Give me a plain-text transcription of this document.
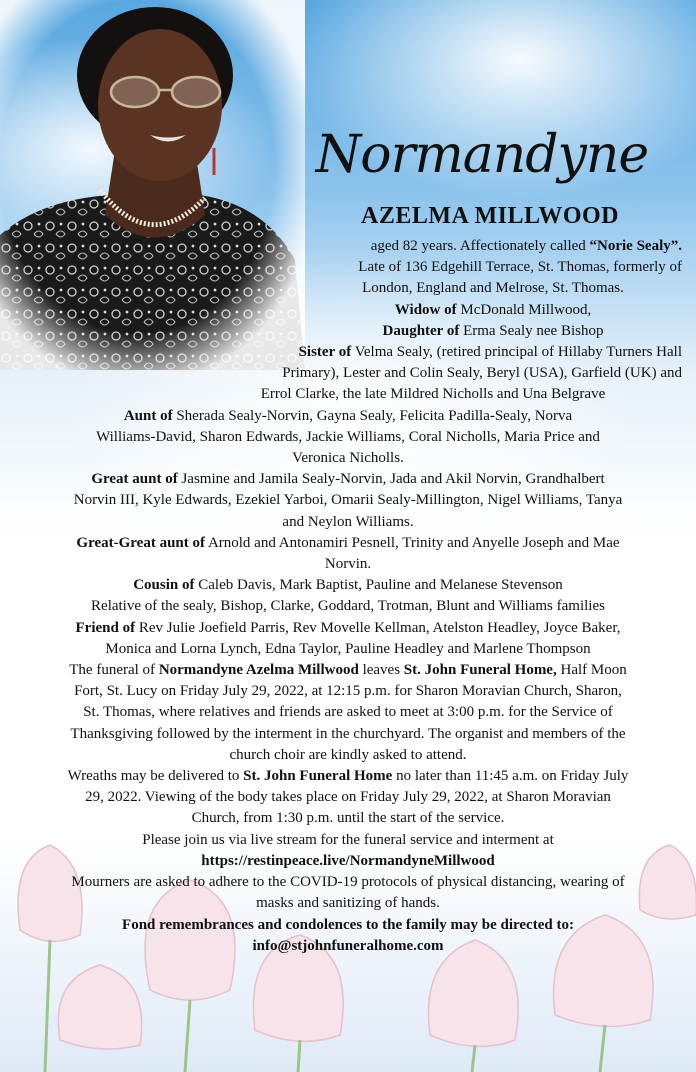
Normandyne
AZELMA MILLWOOD

aged 82 years. Affectionately called “Norie Sealy”.

Late of 136 Edgehill Terrace, St. Thomas, formerly of

London, England and Melrose, St. Thomas.

Widow of McDonald Millwood,

Daughter of Erma Sealy nee Bishop

Sister of Velma Sealy, (retired principal of Hillaby Turners Hall

Primary), Lester and Colin Sealy, Beryl (USA), Garfield (UK) and

Errol Clarke, the late Mildred Nicholls and Una Belgrave

Aunt of Sherada Sealy-Norvin, Gayna Sealy, Felicita Padilla-Sealy, Norva

Williams-David, Sharon Edwards, Jackie Williams, Coral Nicholls, Maria Price and

Veronica Nicholls.

Great aunt of Jasmine and Jamila Sealy-Norvin, Jada and Akil Norvin, Grandhalbert

Norvin III, Kyle Edwards, Ezekiel Yarboi, Omarii Sealy-Millington, Nigel Williams, Tanya

and Neylon Williams.

Great-Great aunt of Arnold and Antonamiri Pesnell, Trinity and Anyelle Joseph and Mae

Norvin.

Cousin of Caleb Davis, Mark Baptist, Pauline and Melanese Stevenson

Relative of the sealy, Bishop, Clarke, Goddard, Trotman, Blunt and Williams families

Friend of Rev Julie Joefield Parris, Rev Movelle Kellman, Atelston Headley, Joyce Baker,

Monica and Lorna Lynch, Edna Taylor, Pauline Headley and Marlene Thompson

The funeral of Normandyne Azelma Millwood leaves St. John Funeral Home, Half Moon

Fort, St. Lucy on Friday July 29, 2022, at 12:15 p.m. for Sharon Moravian Church, Sharon,

St. Thomas, where relatives and friends are asked to meet at 3:00 p.m. for the Service of

Thanksgiving followed by the interment in the churchyard. The organist and members of the

church choir are kindly asked to attend.

Wreaths may be delivered to St. John Funeral Home no later than 11:45 a.m. on Friday July

29, 2022. Viewing of the body takes place on Friday July 29, 2022, at Sharon Moravian

Church, from 1:30 p.m. until the start of the service.

Please join us via live stream for the funeral service and interment at

https://restinpeace.live/NormandyneMillwood

Mourners are asked to adhere to the COVID-19 protocols of physical distancing, wearing of

masks and sanitizing of hands.

Fond remembrances and condolences to the family may be directed to:

info@stjohnfuneralhome.com
